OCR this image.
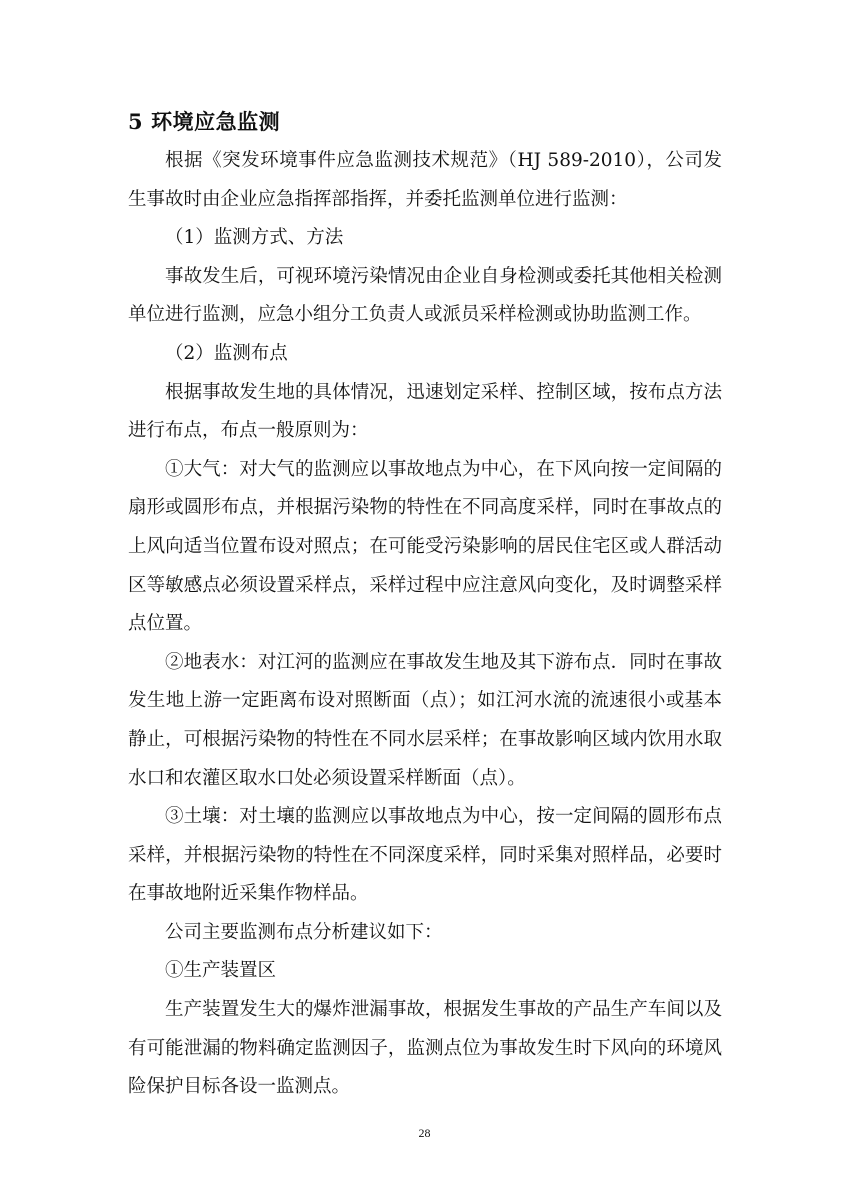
5 环境应急监测

根据《突发环境事件应急监测技术规范》（HJ 589-2010），公司发生事故时由企业应急指挥部指挥，并委托监测单位进行监测：

（1）监测方式、方法

事故发生后，可视环境污染情况由企业自身检测或委托其他相关检测单位进行监测，应急小组分工负责人或派员采样检测或协助监测工作。

（2）监测布点

根据事故发生地的具体情况，迅速划定采样、控制区域，按布点方法进行布点，布点一般原则为：

①大气：对大气的监测应以事故地点为中心，在下风向按一定间隔的扇形或圆形布点，并根据污染物的特性在不同高度采样，同时在事故点的上风向适当位置布设对照点；在可能受污染影响的居民住宅区或人群活动区等敏感点必须设置采样点，采样过程中应注意风向变化，及时调整采样点位置。

②地表水：对江河的监测应在事故发生地及其下游布点．同时在事故发生地上游一定距离布设对照断面（点）；如江河水流的流速很小或基本静止，可根据污染物的特性在不同水层采样；在事故影响区域内饮用水取水口和农灌区取水口处必须设置采样断面（点）。

③土壤：对土壤的监测应以事故地点为中心，按一定间隔的圆形布点采样，并根据污染物的特性在不同深度采样，同时采集对照样品，必要时在事故地附近采集作物样品。

公司主要监测布点分析建议如下：

①生产装置区

生产装置发生大的爆炸泄漏事故，根据发生事故的产品生产车间以及有可能泄漏的物料确定监测因子，监测点位为事故发生时下风向的环境风险保护目标各设一监测点。

28
